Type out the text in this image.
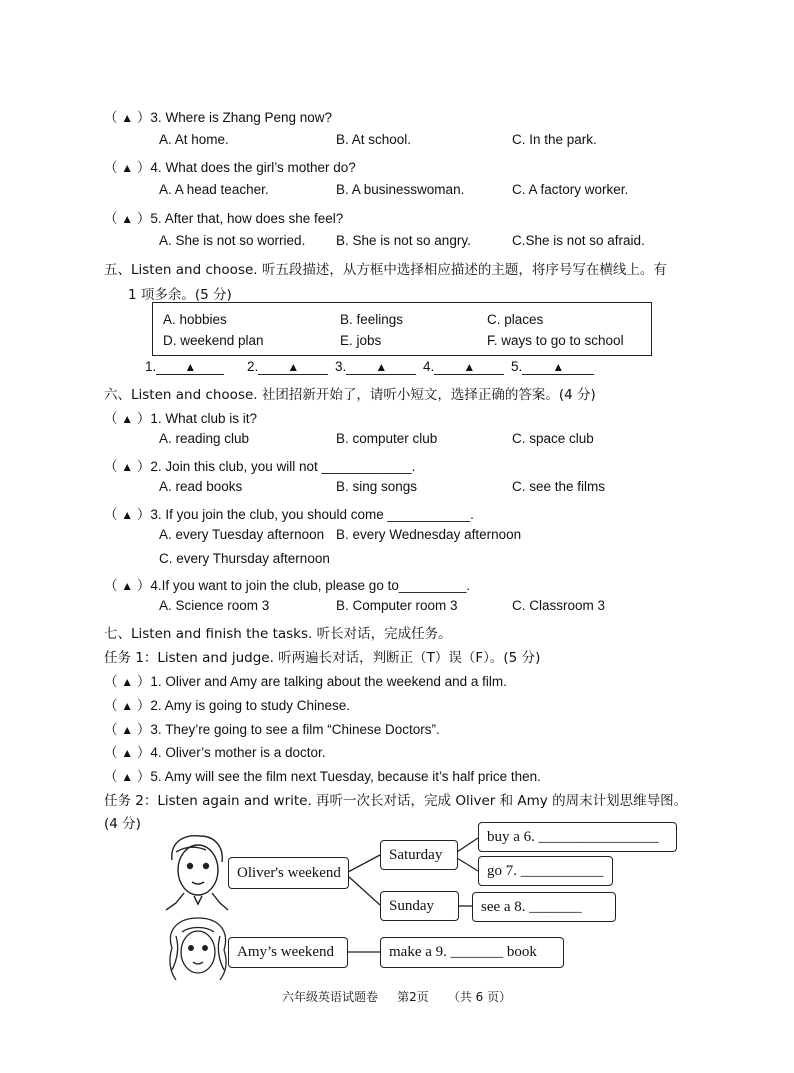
（ ▲ ）3. Where is Zhang Peng now?
A. At home.	B. At school.	C. In the park.
（ ▲ ）4. What does the girl’s mother do?
A. A head teacher.	B. A businesswoman.	C. A factory worker.
（ ▲ ）5. After that, how does she feel?
A. She is not so worried. B. She is not so angry.	C.She is not so afraid.
五、Listen and choose. 听五段描述，从方框中选择相应描述的主题，将序号写在横线上。有
1 项多余。(5 分)
A. hobbies	B. feelings	C. places
D. weekend plan	E. jobs	F. ways to go to school
1. ▲	2. ▲	3. ▲	4. ▲	5.	▲
六、Listen and choose. 社团招新开始了，请听小短文，选择正确的答案。(4 分)
（ ▲ ）1. What club is it?
A. reading club	B. computer club	C. space club
（ ▲ ）2. Join this club, you will not ____________.
A. read books	B. sing songs	C. see the films
（ ▲ ）3. If you join the club, you should come ___________.
A. every Tuesday afternoon B. every Wednesday afternoon
C. every Thursday afternoon
（ ▲ ）4.If you want to join the club, please go to_________.
A. Science room 3	B. Computer room 3	C. Classroom 3
七、Listen and finish the tasks. 听长对话，完成任务。
任务 1：Listen and judge. 听两遍长对话，判断正（T）误（F）。(5 分)
（ ▲ ）1. Oliver and Amy are talking about the weekend and a film.
（ ▲ ）2. Amy is going to study Chinese.
（ ▲ ）3. They’re going to see a film “Chinese Doctors”.
（ ▲ ）4. Oliver’s mother is a doctor.
（ ▲ ）5. Amy will see the film next Tuesday, because it’s half price then.
任务 2：Listen again and write. 再听一次长对话，完成 Oliver 和 Amy 的周末计划思维导图。
(4 分)
Oliver's weekend
Saturday
buy a 6. ________________
go 7. ___________
Sunday	see a 8. _______
Amy’s weekend	make a 9. _______ book
六年级英语试题卷 第2页 （共 6 页）
